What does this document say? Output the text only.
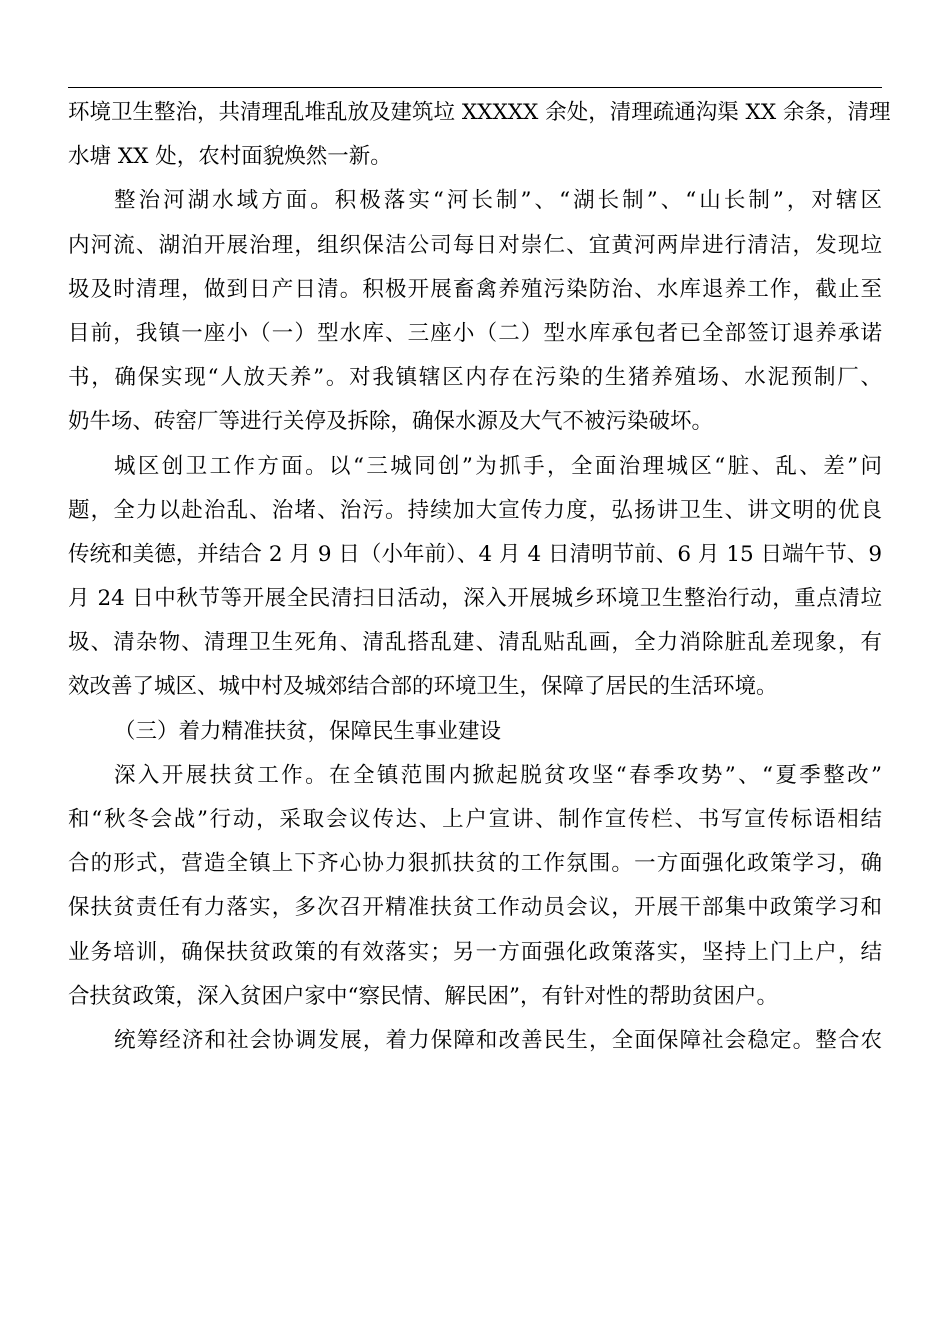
环境卫生整治，共清理乱堆乱放及建筑垃 XXXXX 余处，清理疏通沟渠 XX 余条，清理
水塘 XX 处，农村面貌焕然一新。
整治河湖水域方面。积极落实“河长制”、“湖长制”、“山长制”，对辖区
内河流、湖泊开展治理，组织保洁公司每日对崇仁、宜黄河两岸进行清洁，发现垃
圾及时清理，做到日产日清。积极开展畜禽养殖污染防治、水库退养工作，截止至
目前，我镇一座小（一）型水库、三座小（二）型水库承包者已全部签订退养承诺
书，确保实现“人放天养”。对我镇辖区内存在污染的生猪养殖场、水泥预制厂、
奶牛场、砖窑厂等进行关停及拆除，确保水源及大气不被污染破坏。
城区创卫工作方面。以“三城同创”为抓手，全面治理城区“脏、乱、差”问
题，全力以赴治乱、治堵、治污。持续加大宣传力度，弘扬讲卫生、讲文明的优良
传统和美德，并结合 2 月 9 日（小年前）、4 月 4 日清明节前、6 月 15 日端午节、9
月 24 日中秋节等开展全民清扫日活动，深入开展城乡环境卫生整治行动，重点清垃
圾、清杂物、清理卫生死角、清乱搭乱建、清乱贴乱画，全力消除脏乱差现象，有
效改善了城区、城中村及城郊结合部的环境卫生，保障了居民的生活环境。
（三）着力精准扶贫，保障民生事业建设
深入开展扶贫工作。在全镇范围内掀起脱贫攻坚“春季攻势”、“夏季整改”
和“秋冬会战”行动，采取会议传达、上户宣讲、制作宣传栏、书写宣传标语相结
合的形式，营造全镇上下齐心协力狠抓扶贫的工作氛围。一方面强化政策学习，确
保扶贫责任有力落实，多次召开精准扶贫工作动员会议，开展干部集中政策学习和
业务培训，确保扶贫政策的有效落实；另一方面强化政策落实，坚持上门上户，结
合扶贫政策，深入贫困户家中“察民情、解民困”，有针对性的帮助贫困户。
统筹经济和社会协调发展，着力保障和改善民生，全面保障社会稳定。整合农
